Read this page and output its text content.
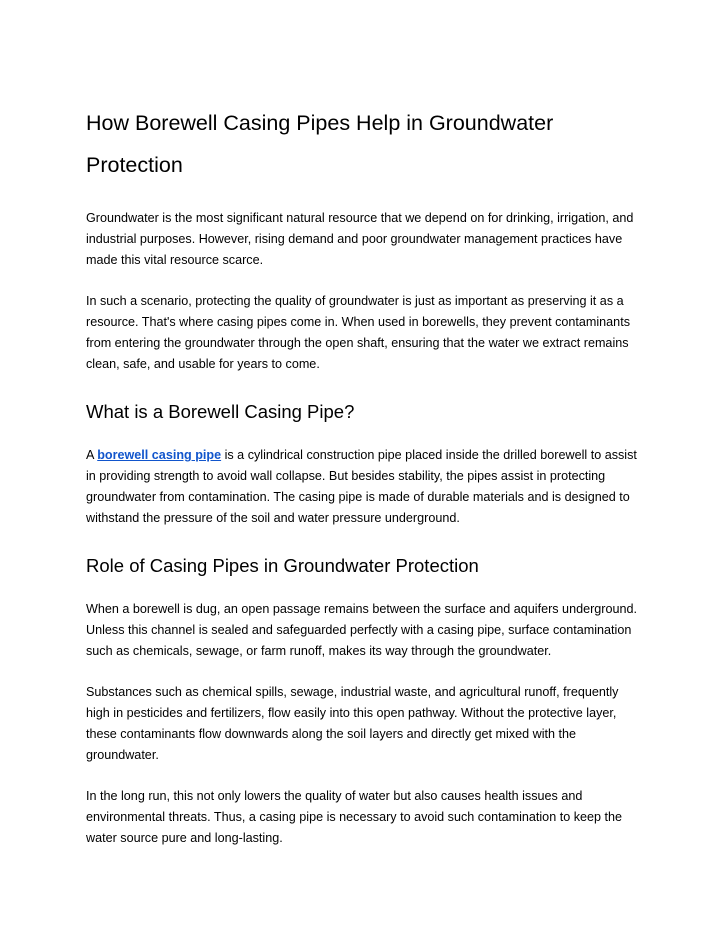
How Borewell Casing Pipes Help in Groundwater Protection

Groundwater is the most significant natural resource that we depend on for drinking, irrigation, and industrial purposes. However, rising demand and poor groundwater management practices have made this vital resource scarce.

In such a scenario, protecting the quality of groundwater is just as important as preserving it as a resource. That's where casing pipes come in. When used in borewells, they prevent contaminants from entering the groundwater through the open shaft, ensuring that the water we extract remains clean, safe, and usable for years to come.

What is a Borewell Casing Pipe?

A borewell casing pipe is a cylindrical construction pipe placed inside the drilled borewell to assist in providing strength to avoid wall collapse. But besides stability, the pipes assist in protecting groundwater from contamination. The casing pipe is made of durable materials and is designed to withstand the pressure of the soil and water pressure underground.

Role of Casing Pipes in Groundwater Protection

When a borewell is dug, an open passage remains between the surface and aquifers underground. Unless this channel is sealed and safeguarded perfectly with a casing pipe, surface contamination such as chemicals, sewage, or farm runoff, makes its way through the groundwater.

Substances such as chemical spills, sewage, industrial waste, and agricultural runoff, frequently high in pesticides and fertilizers, flow easily into this open pathway. Without the protective layer, these contaminants flow downwards along the soil layers and directly get mixed with the groundwater.

In the long run, this not only lowers the quality of water but also causes health issues and environmental threats. Thus, a casing pipe is necessary to avoid such contamination to keep the water source pure and long-lasting.
